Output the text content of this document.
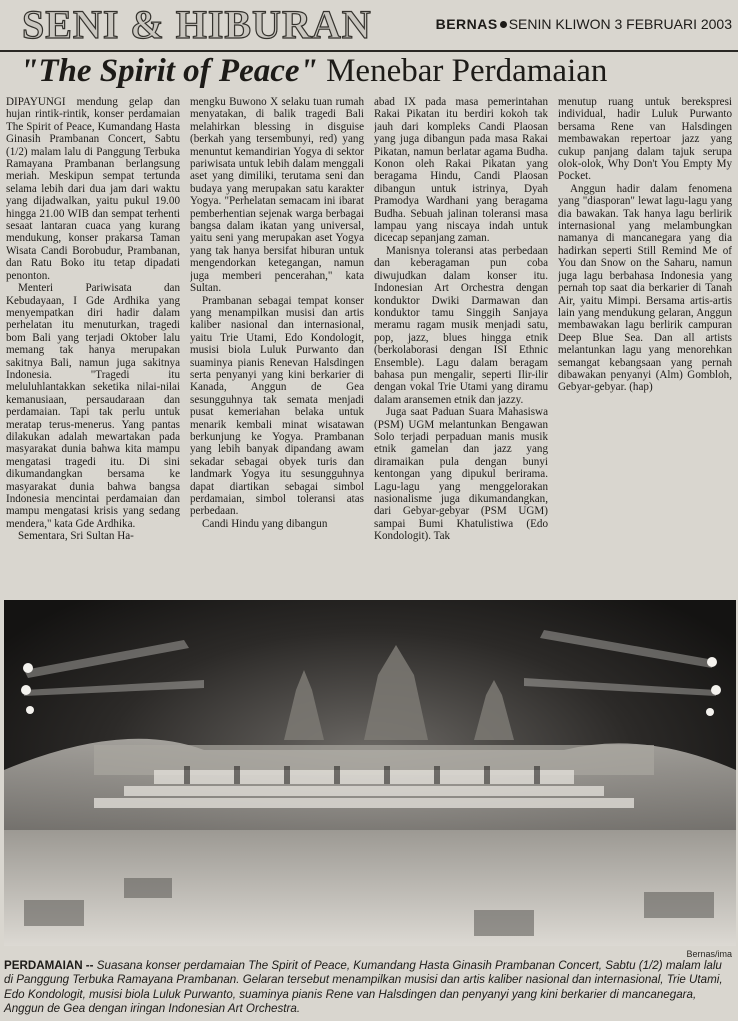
SENI & HIBURAN	BERNAS SENIN KLIWON 3 FEBRUARI 2003
"The Spirit of Peace" Menebar Perdamaian

DIPAYUNGI mendung gelap dan hujan rintik-rintik, konser perdamaian The Spirit of Peace, Kumandang Hasta Ginasih Prambanan Concert, Sabtu (1/2) malam lalu di Panggung Terbuka Ramayana Prambanan berlangsung meriah. Meskipun sempat tertunda selama lebih dari dua jam dari waktu yang dijadwalkan, yaitu pukul 19.00 hingga 21.00 WIB dan sempat terhenti sesaat lantaran cuaca yang kurang mendukung, konser prakarsa Taman Wisata Candi Borobudur, Prambanan, dan Ratu Boko itu tetap dipadati penonton.

Menteri Pariwisata dan Kebudayaan, I Gde Ardhika yang menyempatkan diri hadir dalam perhelatan itu menuturkan, tragedi bom Bali yang terjadi Oktober lalu memang tak hanya merupakan sakitnya Bali, namun juga sakitnya Indonesia. "Tragedi itu meluluhlantakkan seketika nilai-nilai kemanusiaan, persaudaraan dan perdamaian. Tapi tak perlu untuk meratap terus-menerus. Yang pantas dilakukan adalah mewartakan pada masyarakat dunia bahwa kita mampu mengatasi tragedi itu. Di sini dikumandangkan bersama ke masyarakat dunia bahwa bangsa Indonesia mencintai perdamaian dan mampu mengatasi krisis yang sedang mendera," kata Gde Ardhika.

Sementara, Sri Sultan Ha-

mengku Buwono X selaku tuan rumah menyatakan, di balik tragedi Bali melahirkan blessing in disguise (berkah yang tersembunyi, red) yang menuntut kemandirian Yogya di sektor pariwisata untuk lebih dalam menggali aset yang dimiliki, terutama seni dan budaya yang merupakan satu karakter Yogya. "Perhelatan semacam ini ibarat pemberhentian sejenak warga berbagai bangsa dalam ikatan yang universal, yaitu seni yang merupakan aset Yogya yang tak hanya bersifat hiburan untuk mengendorkan ketegangan, namun juga memberi pencerahan," kata Sultan.

Prambanan sebagai tempat konser yang menampilkan musisi dan artis kaliber nasional dan internasional, yaitu Trie Utami, Edo Kondologit, musisi biola Luluk Purwanto dan suaminya pianis Renevan Halsdingen serta penyanyi yang kini berkarier di Kanada, Anggun de Gea sesungguhnya tak semata menjadi pusat kemeriahan belaka untuk menarik kembali minat wisatawan berkunjung ke Yogya. Prambanan yang lebih banyak dipandang awam sekadar sebagai obyek turis dan landmark Yogya itu sesungguhnya dapat diartikan sebagai simbol perdamaian, simbol toleransi atas perbedaan.

Candi Hindu yang dibangun

abad IX pada masa pemerintahan Rakai Pikatan itu berdiri kokoh tak jauh dari kompleks Candi Plaosan yang juga dibangun pada masa Rakai Pikatan, namun berlatar agama Budha. Konon oleh Rakai Pikatan yang beragama Hindu, Candi Plaosan dibangun untuk istrinya, Dyah Pramodya Wardhani yang beragama Budha. Sebuah jalinan toleransi masa lampau yang niscaya indah untuk dicecap sepanjang zaman.

Manisnya toleransi atas perbedaan dan keberagaman pun coba diwujudkan dalam konser itu. Indonesian Art Orchestra dengan konduktor Dwiki Darmawan dan konduktor tamu Singgih Sanjaya meramu ragam musik menjadi satu, pop, jazz, blues hingga etnik (berkolaborasi dengan ISI Ethnic Ensemble). Lagu dalam beragam bahasa pun mengalir, seperti Ilir-ilir dengan vokal Trie Utami yang diramu dalam aransemen etnik dan jazzy.

Juga saat Paduan Suara Mahasiswa (PSM) UGM melantunkan Bengawan Solo terjadi perpaduan manis musik etnik gamelan dan jazz yang diramaikan pula dengan bunyi kentongan yang dipukul berirama. Lagu-lagu yang menggelorakan nasionalisme juga dikumandangkan, dari Gebyar-gebyar (PSM UGM) sampai Bumi Khatulistiwa (Edo Kondologit). Tak

menutup ruang untuk berekspresi individual, hadir Luluk Purwanto bersama Rene van Halsdingen membawakan repertoar jazz yang cukup panjang dalam tajuk serupa olok-olok, Why Don't You Empty My Pocket.

Anggun hadir dalam fenomena yang "diasporan" lewat lagu-lagu yang dia bawakan. Tak hanya lagu berlirik internasional yang melambungkan namanya di mancanegara yang dia hadirkan seperti Still Remind Me of You dan Snow on the Saharu, namun juga lagu berbahasa Indonesia yang pernah top saat dia berkarier di Tanah Air, yaitu Mimpi. Bersama artis-artis lain yang mendukung gelaran, Anggun membawakan lagu berlirik campuran Deep Blue Sea. Dan all artists melantunkan lagu yang menorehkan semangat kebangsaan yang pernah dibawakan penyanyi (Alm) Gombloh, Gebyar-gebyar. (hap)

Bernas/ima

PERDAMAIAN -- Suasana konser perdamaian The Spirit of Peace, Kumandang Hasta Ginasih Prambanan Concert, Sabtu (1/2) malam lalu di Panggung Terbuka Ramayana Prambanan. Gelaran tersebut menampilkan musisi dan artis kaliber nasional dan internasional, Trie Utami, Edo Kondologit, musisi biola Luluk Purwanto, suaminya pianis Rene van Halsdingen dan penyanyi yang kini berkarier di mancanegara, Anggun de Gea dengan iringan Indonesian Art Orchestra.
